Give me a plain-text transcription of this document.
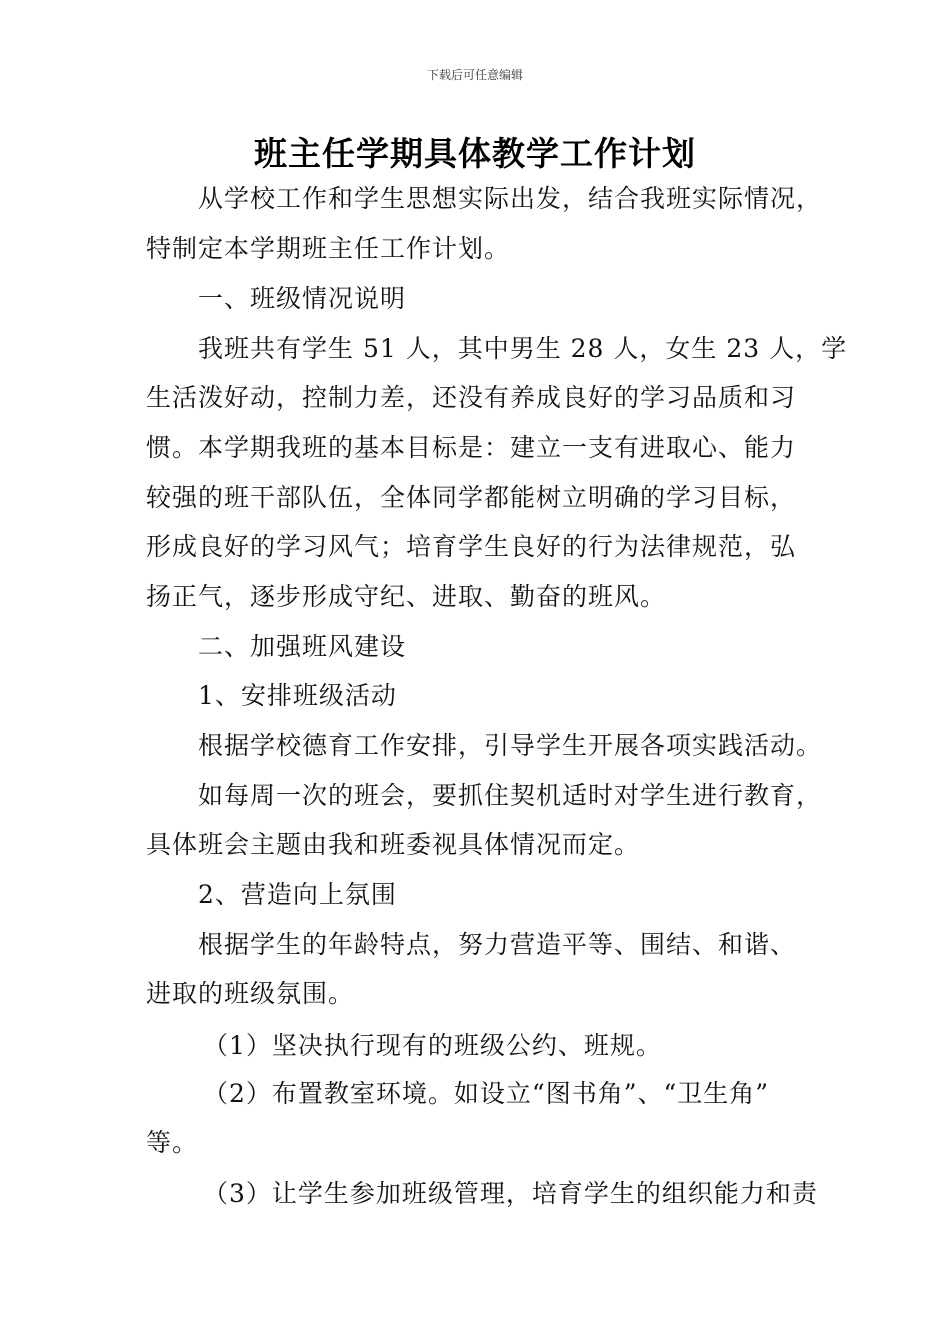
下载后可任意编辑
班主任学期具体教学工作计划
从学校工作和学生思想实际出发，结合我班实际情况，
特制定本学期班主任工作计划。
一、班级情况说明
我班共有学生 51 人，其中男生 28 人，女生 23 人，学
生活泼好动，控制力差，还没有养成良好的学习品质和习
惯。本学期我班的基本目标是：建立一支有进取心、能力
较强的班干部队伍，全体同学都能树立明确的学习目标，
形成良好的学习风气；培育学生良好的行为法律规范，弘
扬正气，逐步形成守纪、进取、勤奋的班风。
二、加强班风建设
1、安排班级活动
根据学校德育工作安排，引导学生开展各项实践活动。
如每周一次的班会，要抓住契机适时对学生进行教育，
具体班会主题由我和班委视具体情况而定。
2、营造向上氛围
根据学生的年龄特点，努力营造平等、围结、和谐、
进取的班级氛围。
（1）坚决执行现有的班级公约、班规。
（2）布置教室环境。如设立“图书角”、“卫生角”
等。
（3）让学生参加班级管理，培育学生的组织能力和责
